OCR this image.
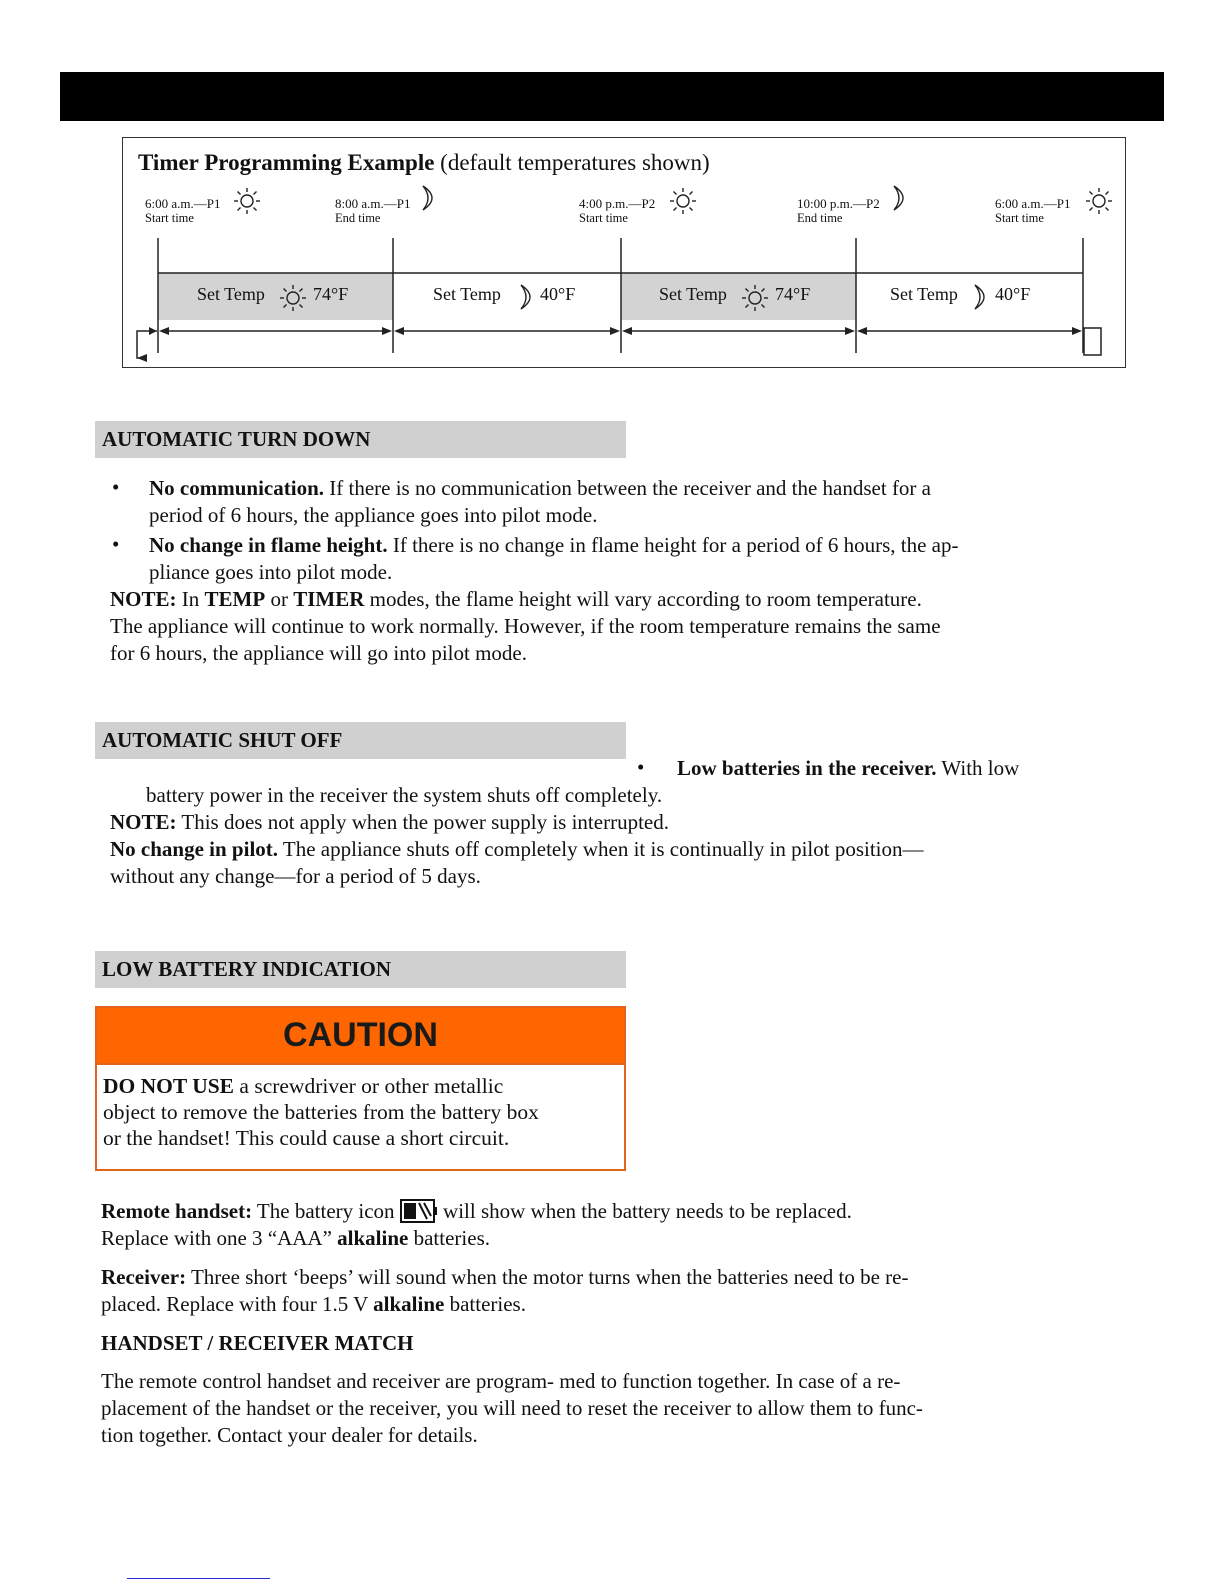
Timer Programming Example (default temperatures shown)
6:00 a.m.—P1
Start time
8:00 a.m.—P1
End time
4:00 p.m.—P2
Start time
10:00 p.m.—P2
End time
6:00 a.m.—P1
Start time
Set Temp	74°F	Set Temp 40°F	Set Temp	74°F	Set Temp 40°F
AUTOMATIC TURN DOWN
• No communication. If there is no communication between the receiver and the handset for a
period of 6 hours, the appliance goes into pilot mode.
• No change in flame height. If there is no change in flame height for a period of 6 hours, the ap-
pliance goes into pilot mode.
NOTE: In TEMP or TIMER modes, the flame height will vary according to room temperature.
The appliance will continue to work normally. However, if the room temperature remains the same
for 6 hours, the appliance will go into pilot mode.
AUTOMATIC SHUT OFF
• Low batteries in the receiver. With low
battery power in the receiver the system shuts off completely.
NOTE: This does not apply when the power supply is interrupted.
No change in pilot. The appliance shuts off completely when it is continually in pilot position—
without any change—for a period of 5 days.
LOW BATTERY INDICATION
CAUTION
DO NOT USE a screwdriver or other metallic
object to remove the batteries from the battery box
or the handset! This could cause a short circuit.
Remote handset: The battery icon  will show when the battery needs to be replaced.
Replace with one 3 “AAA” alkaline batteries.
Receiver: Three short ‘beeps’ will sound when the motor turns when the batteries need to be re-
placed. Replace with four 1.5 V alkaline batteries.
HANDSET / RECEIVER MATCH
The remote control handset and receiver are program- med to function together. In case of a re-
placement of the handset or the receiver, you will need to reset the receiver to allow them to func-
tion together. Contact your dealer for details.
